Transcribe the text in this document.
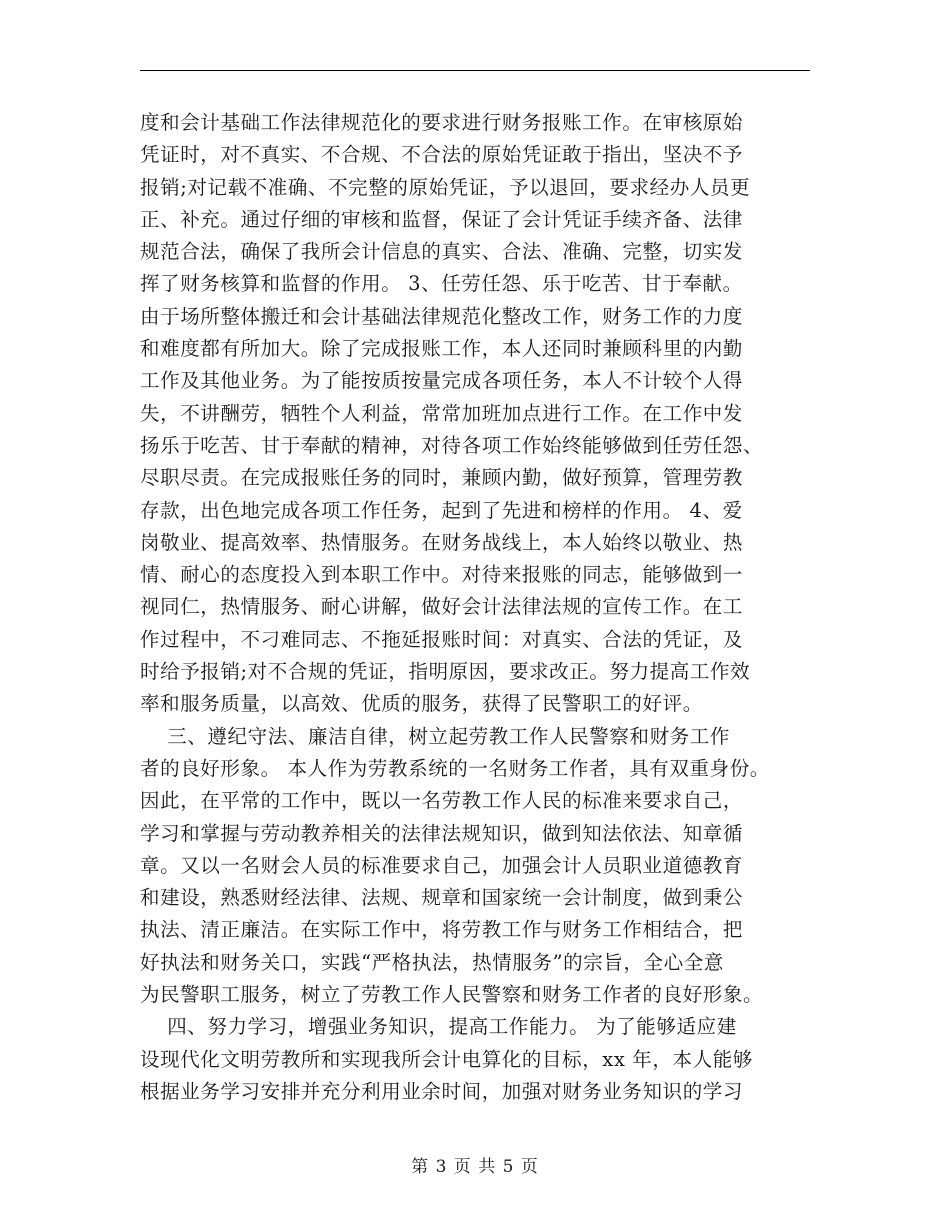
度和会计基础工作法律规范化的要求进行财务报账工作。在审核原始
凭证时，对不真实、不合规、不合法的原始凭证敢于指出，坚决不予
报销;对记载不准确、不完整的原始凭证，予以退回，要求经办人员更
正、补充。通过仔细的审核和监督，保证了会计凭证手续齐备、法律
规范合法，确保了我所会计信息的真实、合法、准确、完整，切实发
挥了财务核算和监督的作用。 3、任劳任怨、乐于吃苦、甘于奉献。
由于场所整体搬迁和会计基础法律规范化整改工作，财务工作的力度
和难度都有所加大。除了完成报账工作，本人还同时兼顾科里的内勤
工作及其他业务。为了能按质按量完成各项任务，本人不计较个人得
失，不讲酬劳，牺牲个人利益，常常加班加点进行工作。在工作中发
扬乐于吃苦、甘于奉献的精神，对待各项工作始终能够做到任劳任怨、
尽职尽责。在完成报账任务的同时，兼顾内勤，做好预算，管理劳教
存款，出色地完成各项工作任务，起到了先进和榜样的作用。 4、爱
岗敬业、提高效率、热情服务。在财务战线上，本人始终以敬业、热
情、耐心的态度投入到本职工作中。对待来报账的同志，能够做到一
视同仁，热情服务、耐心讲解，做好会计法律法规的宣传工作。在工
作过程中，不刁难同志、不拖延报账时间：对真实、合法的凭证，及
时给予报销;对不合规的凭证，指明原因，要求改正。努力提高工作效
率和服务质量，以高效、优质的服务，获得了民警职工的好评。
三、遵纪守法、廉洁自律，树立起劳教工作人民警察和财务工作
者的良好形象。 本人作为劳教系统的一名财务工作者，具有双重身份。
因此，在平常的工作中，既以一名劳教工作人民的标准来要求自己，
学习和掌握与劳动教养相关的法律法规知识，做到知法依法、知章循
章。又以一名财会人员的标准要求自己，加强会计人员职业道德教育
和建设，熟悉财经法律、法规、规章和国家统一会计制度，做到秉公
执法、清正廉洁。在实际工作中，将劳教工作与财务工作相结合，把
好执法和财务关口，实践“严格执法，热情服务”的宗旨，全心全意
为民警职工服务，树立了劳教工作人民警察和财务工作者的良好形象。
四、努力学习，增强业务知识，提高工作能力。 为了能够适应建
设现代化文明劳教所和实现我所会计电算化的目标，xx 年，本人能够
根据业务学习安排并充分利用业余时间，加强对财务业务知识的学习
第 3 页 共 5 页
